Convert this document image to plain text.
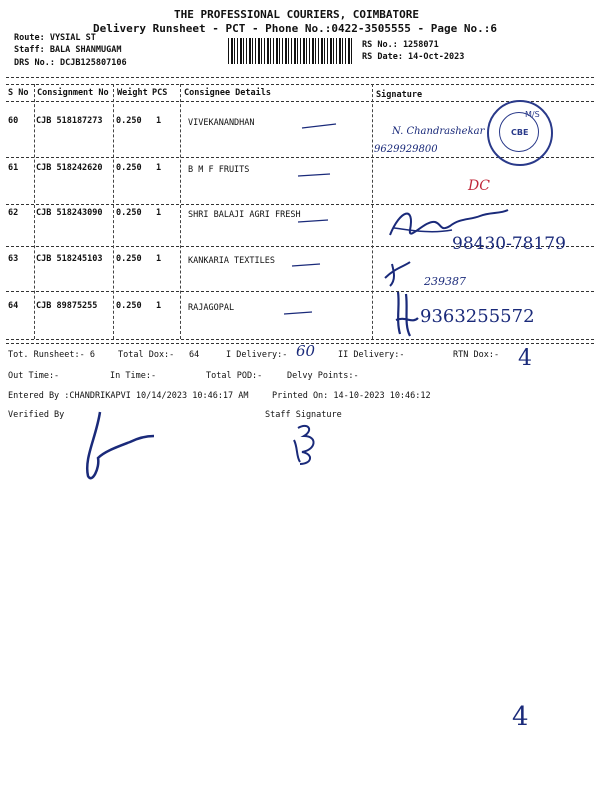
THE PROFESSIONAL COURIERS, COIMBATORE
Delivery Runsheet - PCT - Phone No.:0422-3505555 - Page No.:6
Route: VYSIAL ST
Staff: BALA SHANMUGAM
DRS No.: DCJB125807106
RS No.: 1258071
RS Date: 14-Oct-2023
S No Consignment No Weight PCS Consignee Details	Signature
60 CJB 518187273 0.250 1	VIVEKANANDHAN
61 CJB 518242620 0.250 1	B M F FRUITS
62 CJB 518243090 0.250 1	SHRI BALAJI AGRI FRESH
63 CJB 518245103 0.250 1	KANKARIA TEXTILES
64 CJB 89875255 0.250 1	RAJAGOPAL
M/S
CBE
N. Chandrashekar
9629929800
DC
98430-78179
239387
9363255572
Tot. Runsheet:- 6	Total Dox:- 64	I Delivery:- 60	II Delivery:-	RTN Dox:- 4
Out Time:-	In Time:-	Total POD:-	Delvy Points:-
Entered By :CHANDRIKAPVI 10/14/2023 10:46:17 AM	Printed On: 14-10-2023 10:46:12
Verified By	Staff Signature
4
